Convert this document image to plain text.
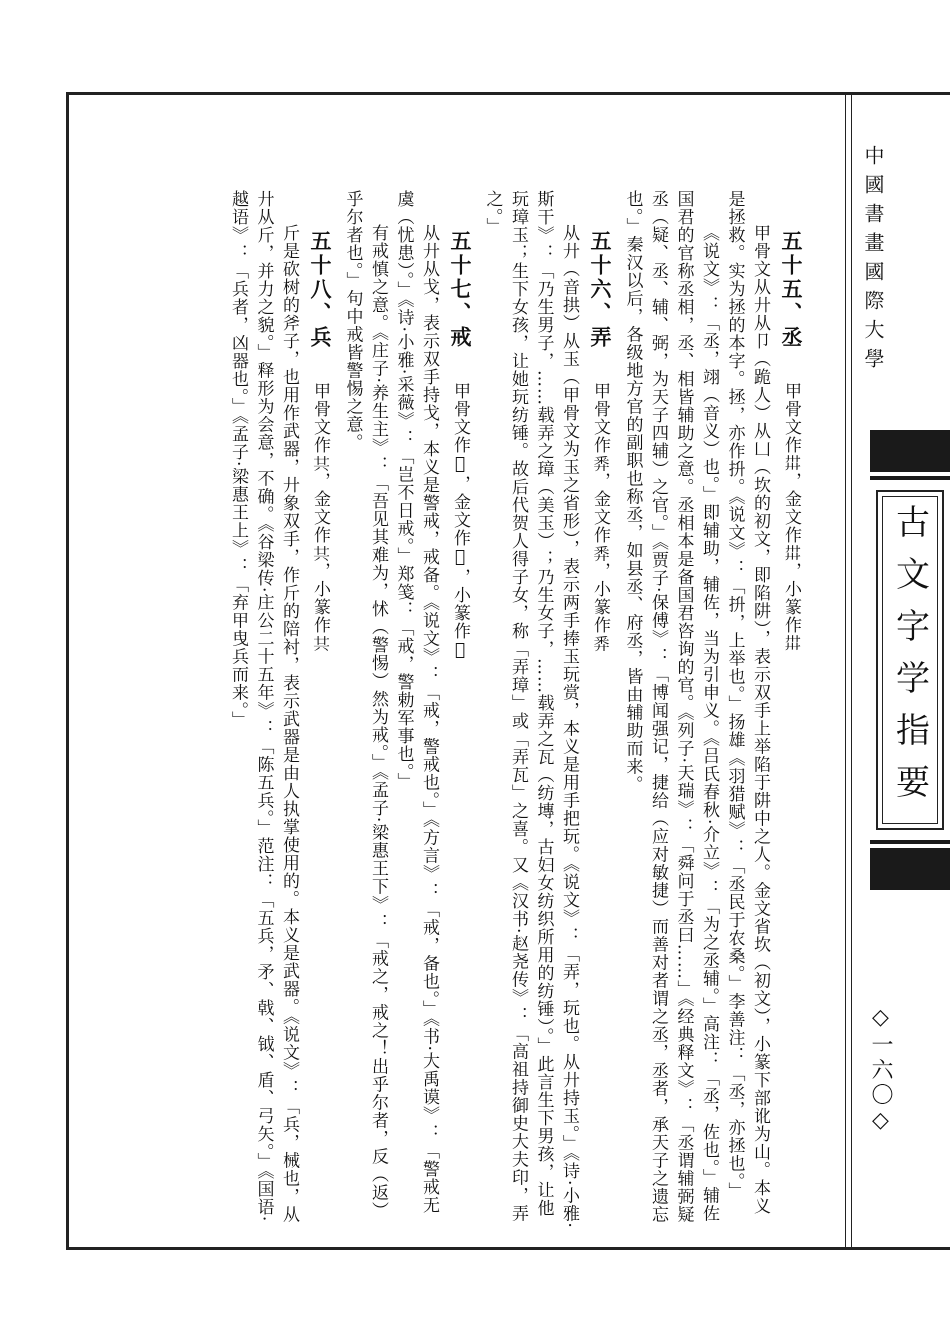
中國書畫國際大學
古文字学指要
◇一六〇◇
五十五、丞 甲骨文作𢌽，金文作𢌽，小篆作𢌽

甲骨文从廾从卩（跪人）从凵（坎的初文，即陷阱），表示双手上举陷于阱中之人。金文省坎（初文），小篆下部讹为山。本义是拯救。实为拯的本字。拯，亦作抍。《说文》：「抍，上举也。」扬雄《羽猎赋》：「丞民于农桑。」李善注：「丞，亦拯也。」

《说文》：「丞，翊（音义）也。」即辅助，辅佐，当为引申义。《吕氏春秋·介立》：「为之丞辅。」高注：「丞，佐也。」辅佐国君的官称丞相，丞、相皆辅助之意。丞相本是备国君咨询的官。《列子·天瑞》：「舜问于丞曰……」《经典释文》：「丞谓辅弼疑丞（疑、丞、辅、弼，为天子四辅）之官。」《贾子·保傅》：「博闻强记，捷给（应对敏捷）而善对者谓之丞，丞者，承天子之遗忘也。」秦汉以后，各级地方官的副职也称丞，如县丞、府丞，皆由辅助而来。

五十六、弄 甲骨文作𢍏，金文作𢍏，小篆作𢍏

从廾（音拱）从玉（甲骨文为玉之省形），表示两手捧玉玩赏，本义是用手把玩。《说文》：「弄，玩也。从廾持玉。」《诗·小雅·斯干》：「乃生男子，……载弄之璋（美玉）；乃生女子，……载弄之瓦（纺塼，古妇女纺织所用的纺锤）。」此言生下男孩，让他玩璋玉；生下女孩，让她玩纺锤。故后代贺人得子女，称「弄璋」或「弄瓦」之喜。又《汉书·赵尧传》：「高祖持御史大夫印，弄之。」

五十七、戒 甲骨文作𢍬，金文作𢍬，小篆作𢍬

从廾从戈，表示双手持戈，本义是警戒，戒备。《说文》：「戒，警戒也。」《方言》：「戒，备也。」《书·大禹谟》：「警戒无虞（忧患）。」《诗·小雅·采薇》：「岂不日戒。」郑笺：「戒，警勅军事也。」

有戒慎之意。《庄子·养生主》：「吾见其难为，怵（警惕）然为戒。」《孟子·梁惠王下》：「戒之，戒之！出乎尔者，反（返）乎尔者也。」句中戒皆警惕之意。

五十八、兵 甲骨文作𠔏，金文作𠔏，小篆作𠔏

斤是砍树的斧子，也用作武器，廾象双手，作斤的陪衬，表示武器是由人执掌使用的。本义是武器。《说文》：「兵，械也，从廾从斤，并力之貌。」释形为会意，不确。《谷梁传·庄公二十五年》：「陈五兵。」范注：「五兵，矛、戟、钺、盾、弓矢。」《国语·越语》：「兵者，凶器也。」《孟子·梁惠王上》：「弃甲曳兵而来。」
